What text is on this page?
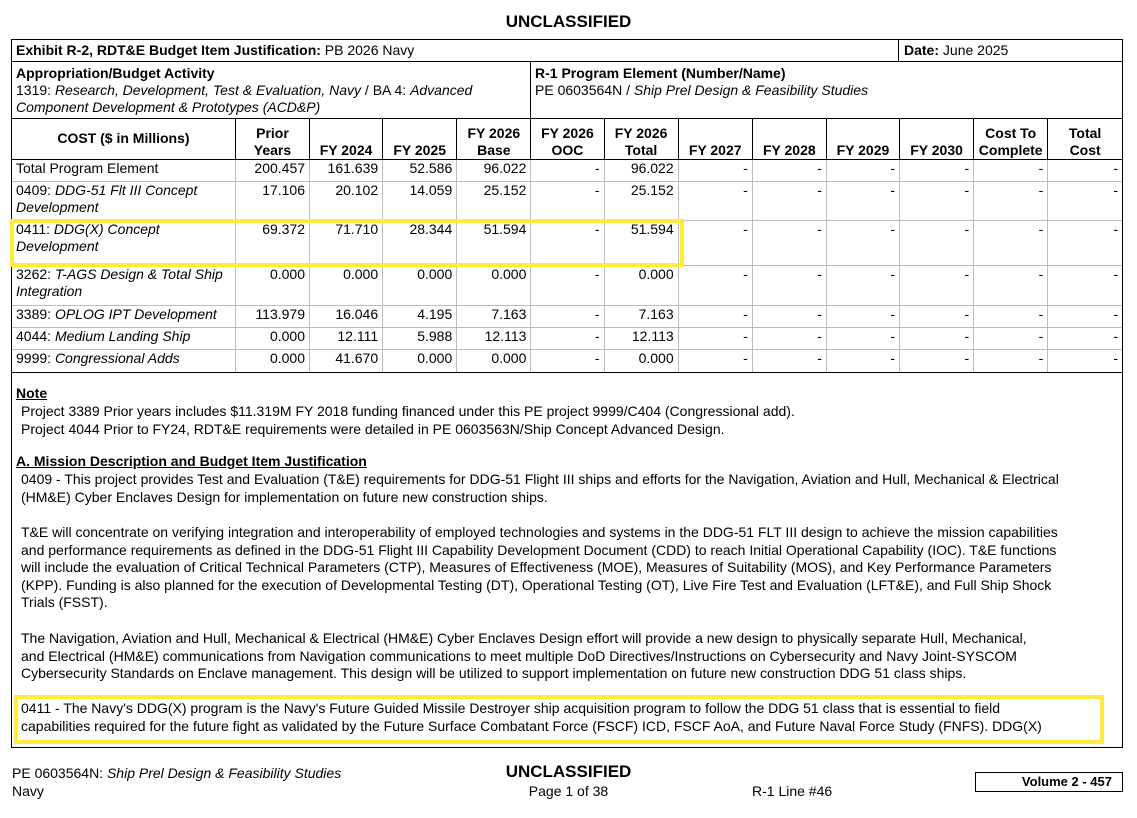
UNCLASSIFIED
Exhibit R-2, RDT&E Budget Item Justification: PB 2026 Navy	Date: June 2025
Appropriation/Budget Activity
1319: Research, Development, Test & Evaluation, Navy / BA 4: Advanced
Component Development & Prototypes (ACD&P)
R-1 Program Element (Number/Name)
PE 0603564N / Ship Prel Design & Feasibility Studies
COST ($ in Millions)	Prior Years	FY 2024	FY 2025	FY 2026 Base	FY 2026 OOC	FY 2026 Total	FY 2027	FY 2028	FY 2029	FY 2030	Cost To Complete	Total Cost
Total Program Element	200.457	161.639	52.586	96.022	-	96.022	-	-	-	-	-	-
0409: DDG-51 Flt III Concept Development	17.106	20.102	14.059	25.152	-	25.152	-	-	-	-	-	-
0411: DDG(X) Concept Development	69.372	71.710	28.344	51.594	-	51.594	-	-	-	-	-	-
3262: T-AGS Design & Total Ship Integration	0.000	0.000	0.000	0.000	-	0.000	-	-	-	-	-	-
3389: OPLOG IPT Development	113.979	16.046	4.195	7.163	-	7.163	-	-	-	-	-	-
4044: Medium Landing Ship	0.000	12.111	5.988	12.113	-	12.113	-	-	-	-	-	-
9999: Congressional Adds	0.000	41.670	0.000	0.000	-	0.000	-	-	-	-	-	-
Note
Project 3389 Prior years includes $11.319M FY 2018 funding financed under this PE project 9999/C404 (Congressional add).
Project 4044 Prior to FY24, RDT&E requirements were detailed in PE 0603563N/Ship Concept Advanced Design.
A. Mission Description and Budget Item Justification
0409 - This project provides Test and Evaluation (T&E) requirements for DDG-51 Flight III ships and efforts for the Navigation, Aviation and Hull, Mechanical & Electrical
(HM&E) Cyber Enclaves Design for implementation on future new construction ships.
T&E will concentrate on verifying integration and interoperability of employed technologies and systems in the DDG-51 FLT III design to achieve the mission capabilities
and performance requirements as defined in the DDG-51 Flight III Capability Development Document (CDD) to reach Initial Operational Capability (IOC). T&E functions
will include the evaluation of Critical Technical Parameters (CTP), Measures of Effectiveness (MOE), Measures of Suitability (MOS), and Key Performance Parameters
(KPP). Funding is also planned for the execution of Developmental Testing (DT), Operational Testing (OT), Live Fire Test and Evaluation (LFT&E), and Full Ship Shock
Trials (FSST).
The Navigation, Aviation and Hull, Mechanical & Electrical (HM&E) Cyber Enclaves Design effort will provide a new design to physically separate Hull, Mechanical,
and Electrical (HM&E) communications from Navigation communications to meet multiple DoD Directives/Instructions on Cybersecurity and Navy Joint-SYSCOM
Cybersecurity Standards on Enclave management. This design will be utilized to support implementation on future new construction DDG 51 class ships.
0411 - The Navy's DDG(X) program is the Navy's Future Guided Missile Destroyer ship acquisition program to follow the DDG 51 class that is essential to field
capabilities required for the future fight as validated by the Future Surface Combatant Force (FSCF) ICD, FSCF AoA, and Future Naval Force Study (FNFS). DDG(X)
PE 0603564N: Ship Prel Design & Feasibility Studies
Navy
UNCLASSIFIED
Page 1 of 38	R-1 Line #46
Volume 2 - 457
